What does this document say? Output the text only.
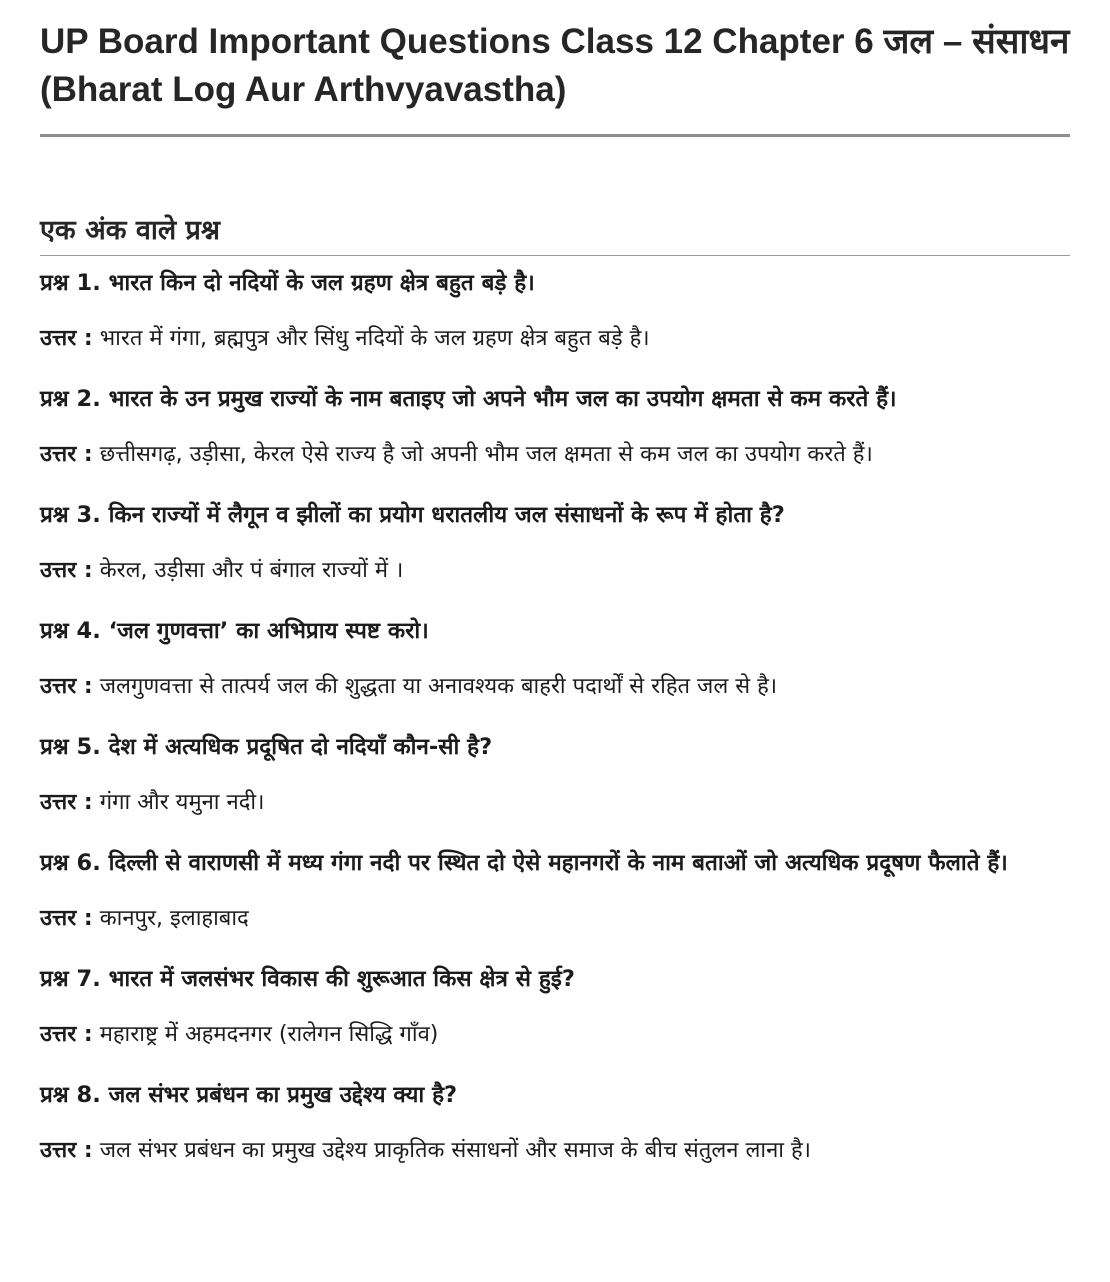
UP Board Important Questions Class 12 Chapter 6 जल – संसाधन (Bharat Log Aur Arthvyavastha)
एक अंक वाले प्रश्न

प्रश्न 1. भारत किन दो नदियों के जल ग्रहण क्षेत्र बहुत बड़े है।

उत्तर : भारत में गंगा, ब्रह्मपुत्र और सिंधु नदियों के जल ग्रहण क्षेत्र बहुत बड़े है।

प्रश्न 2. भारत के उन प्रमुख राज्यों के नाम बताइए जो अपने भौम जल का उपयोग क्षमता से कम करते हैं।

उत्तर : छत्तीसगढ़, उड़ीसा, केरल ऐसे राज्य है जो अपनी भौम जल क्षमता से कम जल का उपयोग करते हैं।

प्रश्न 3. किन राज्यों में लैगून व झीलों का प्रयोग धरातलीय जल संसाधनों के रूप में होता है?

उत्तर : केरल, उड़ीसा और पं बंगाल राज्यों में ।

प्रश्न 4. ‘जल गुणवत्ता’ का अभिप्राय स्पष्ट करो।

उत्तर : जलगुणवत्ता से तात्पर्य जल की शुद्धता या अनावश्यक बाहरी पदार्थों से रहित जल से है।

प्रश्न 5. देश में अत्यधिक प्रदूषित दो नदियाँ कौन-सी है?

उत्तर : गंगा और यमुना नदी।

प्रश्न 6. दिल्ली से वाराणसी में मध्य गंगा नदी पर स्थित दो ऐसे महानगरों के नाम बताओं जो अत्यधिक प्रदूषण फैलाते हैं।

उत्तर : कानपुर, इलाहाबाद

प्रश्न 7. भारत में जलसंभर विकास की शुरूआत किस क्षेत्र से हुई?

उत्तर : महाराष्ट्र में अहमदनगर (रालेगन सिद्धि गाँव)

प्रश्न 8. जल संभर प्रबंधन का प्रमुख उद्देश्य क्या है?

उत्तर : जल संभर प्रबंधन का प्रमुख उद्देश्य प्राकृतिक संसाधनों और समाज के बीच संतुलन लाना है।
